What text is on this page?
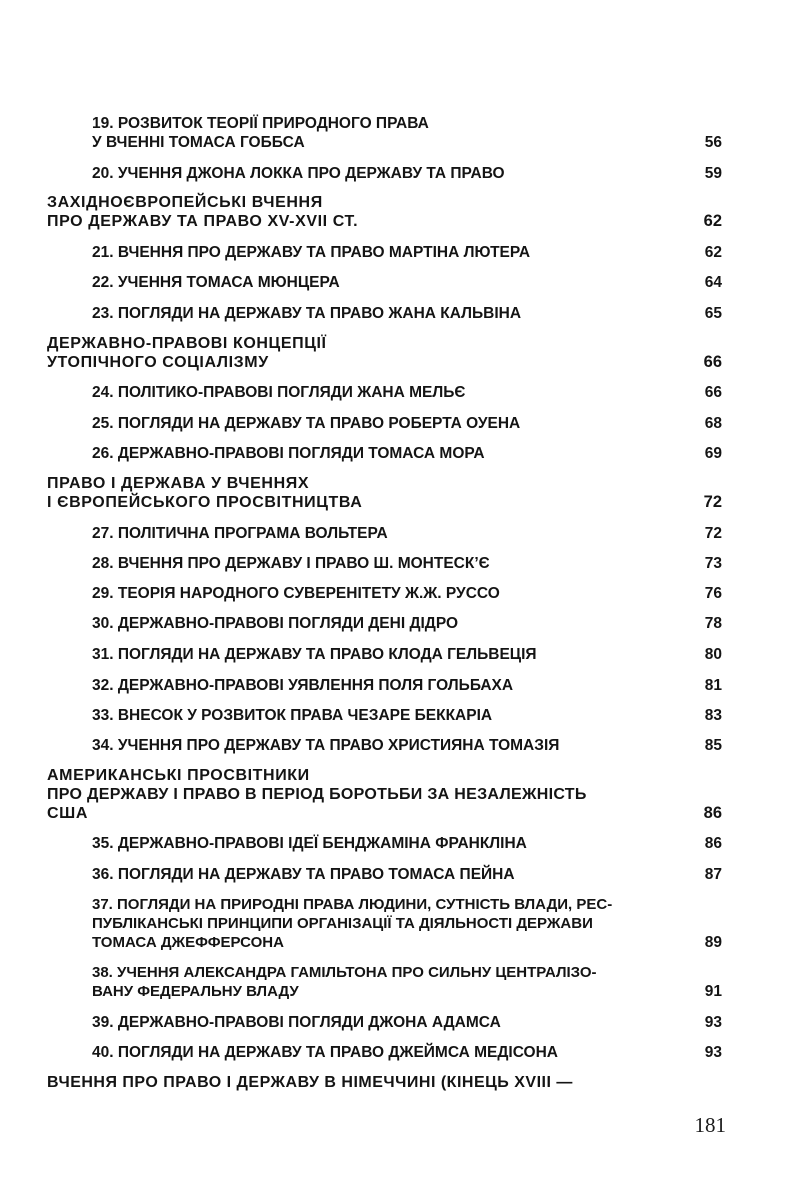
19. РОЗВИТОК ТЕОРІЇ ПРИРОДНОГО ПРАВА
У ВЧЕННІ ТОМАСА ГОББСА	56
20. УЧЕННЯ ДЖОНА ЛОККА ПРО ДЕРЖАВУ ТА ПРАВО	59
ЗАХІДНОЄВРОПЕЙСЬКІ ВЧЕННЯ
ПРО ДЕРЖАВУ ТА ПРАВО XV-XVII СТ.	62
21. ВЧЕННЯ ПРО ДЕРЖАВУ ТА ПРАВО МАРТІНА ЛЮТЕРА	62
22. УЧЕННЯ ТОМАСА МЮНЦЕРА	64
23. ПОГЛЯДИ НА ДЕРЖАВУ ТА ПРАВО ЖАНА КАЛЬВІНА	65
ДЕРЖАВНО-ПРАВОВІ КОНЦЕПЦІЇ
УТОПІЧНОГО СОЦІАЛІЗМУ	66
24. ПОЛІТИКО-ПРАВОВІ ПОГЛЯДИ ЖАНА МЕЛЬЄ	66
25. ПОГЛЯДИ НА ДЕРЖАВУ ТА ПРАВО РОБЕРТА ОУЕНА	68
26. ДЕРЖАВНО-ПРАВОВІ ПОГЛЯДИ ТОМАСА МОРА	69
ПРАВО І ДЕРЖАВА У ВЧЕННЯХ
І ЄВРОПЕЙСЬКОГО ПРОСВІТНИЦТВА	72
27. ПОЛІТИЧНА ПРОГРАМА ВОЛЬТЕРА	72
28. ВЧЕННЯ ПРО ДЕРЖАВУ І ПРАВО Ш. МОНТЕСК’Є	73
29. ТЕОРІЯ НАРОДНОГО СУВЕРЕНІТЕТУ Ж.Ж. РУССО	76
30. ДЕРЖАВНО-ПРАВОВІ ПОГЛЯДИ ДЕНІ ДІДРО	78
31. ПОГЛЯДИ НА ДЕРЖАВУ ТА ПРАВО КЛОДА ГЕЛЬВЕЦІЯ	80
32. ДЕРЖАВНО-ПРАВОВІ УЯВЛЕННЯ ПОЛЯ ГОЛЬБАХА	81
33. ВНЕСОК У РОЗВИТОК ПРАВА ЧЕЗАРЕ БЕККАРІА	83
34. УЧЕННЯ ПРО ДЕРЖАВУ ТА ПРАВО ХРИСТИЯНА ТОМАЗІЯ	85
АМЕРИКАНСЬКІ ПРОСВІТНИКИ
ПРО ДЕРЖАВУ І ПРАВО В ПЕРІОД БОРОТЬБИ ЗА НЕЗАЛЕЖНІСТЬ
США	86
35. ДЕРЖАВНО-ПРАВОВІ ІДЕЇ БЕНДЖАМІНА ФРАНКЛІНА	86
36. ПОГЛЯДИ НА ДЕРЖАВУ ТА ПРАВО ТОМАСА ПЕЙНА	87
37. ПОГЛЯДИ НА ПРИРОДНІ ПРАВА ЛЮДИНИ, СУТНІСТЬ ВЛАДИ, РЕС-
ПУБЛІКАНСЬКІ ПРИНЦИПИ ОРГАНІЗАЦІЇ ТА ДІЯЛЬНОСТІ ДЕРЖАВИ
ТОМАСА ДЖЕФФЕРСОНА	89
38. УЧЕННЯ АЛЕКСАНДРА ГАМІЛЬТОНА ПРО СИЛЬНУ ЦЕНТРАЛІЗО-
ВАНУ ФЕДЕРАЛЬНУ ВЛАДУ	91
39. ДЕРЖАВНО-ПРАВОВІ ПОГЛЯДИ ДЖОНА АДАМСА	93
40. ПОГЛЯДИ НА ДЕРЖАВУ ТА ПРАВО ДЖЕЙМСА МЕДІСОНА	93
ВЧЕННЯ ПРО ПРАВО І ДЕРЖАВУ В НІМЕЧЧИНІ (КІНЕЦЬ XVIII —
181
